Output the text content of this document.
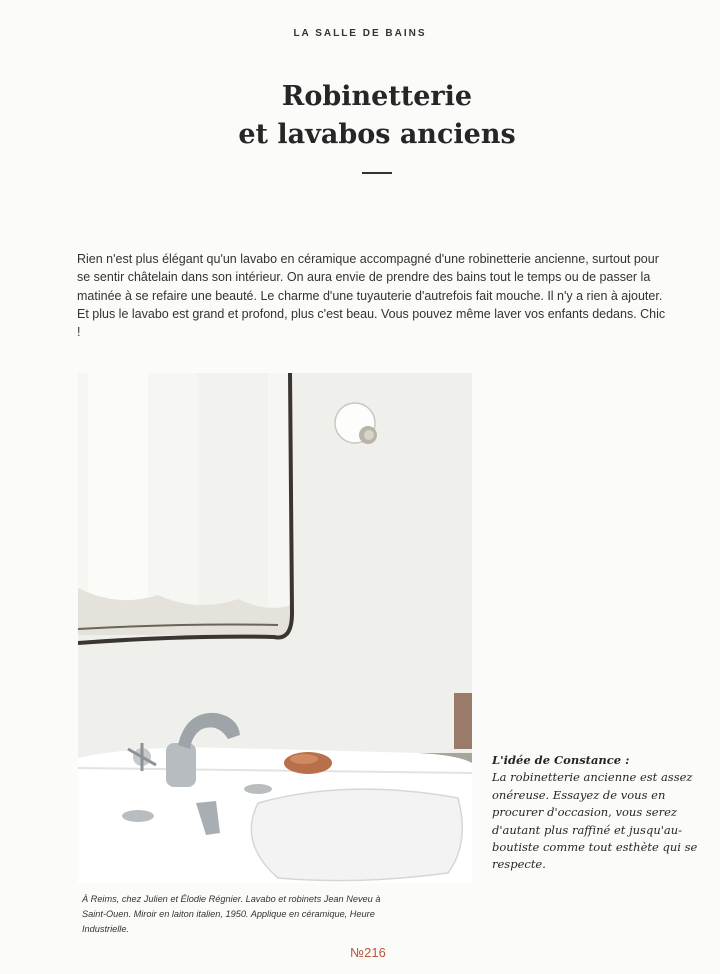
LA SALLE DE BAINS
Robinetterie
et lavabos anciens

Rien n'est plus élégant qu'un lavabo en céramique accompagné d'une robinetterie ancienne, surtout pour se sentir châtelain dans son intérieur. On aura envie de prendre des bains tout le temps ou de passer la matinée à se refaire une beauté. Le charme d'une tuyauterie d'autrefois fait mouche. Il n'y a rien à ajouter. Et plus le lavabo est grand et profond, plus c'est beau. Vous pouvez même laver vos enfants dedans. Chic !

L'idée de Constance :
La robinetterie ancienne est assez onéreuse. Essayez de vous en procurer d'occasion, vous serez d'autant plus raffiné et jusqu'au-boutiste comme tout esthète qui se respecte.

À Reims, chez Julien et Élodie Régnier. Lavabo et robinets Jean Neveu à Saint-Ouen. Miroir en laiton italien, 1950. Applique en céramique, Heure Industrielle.

№216
